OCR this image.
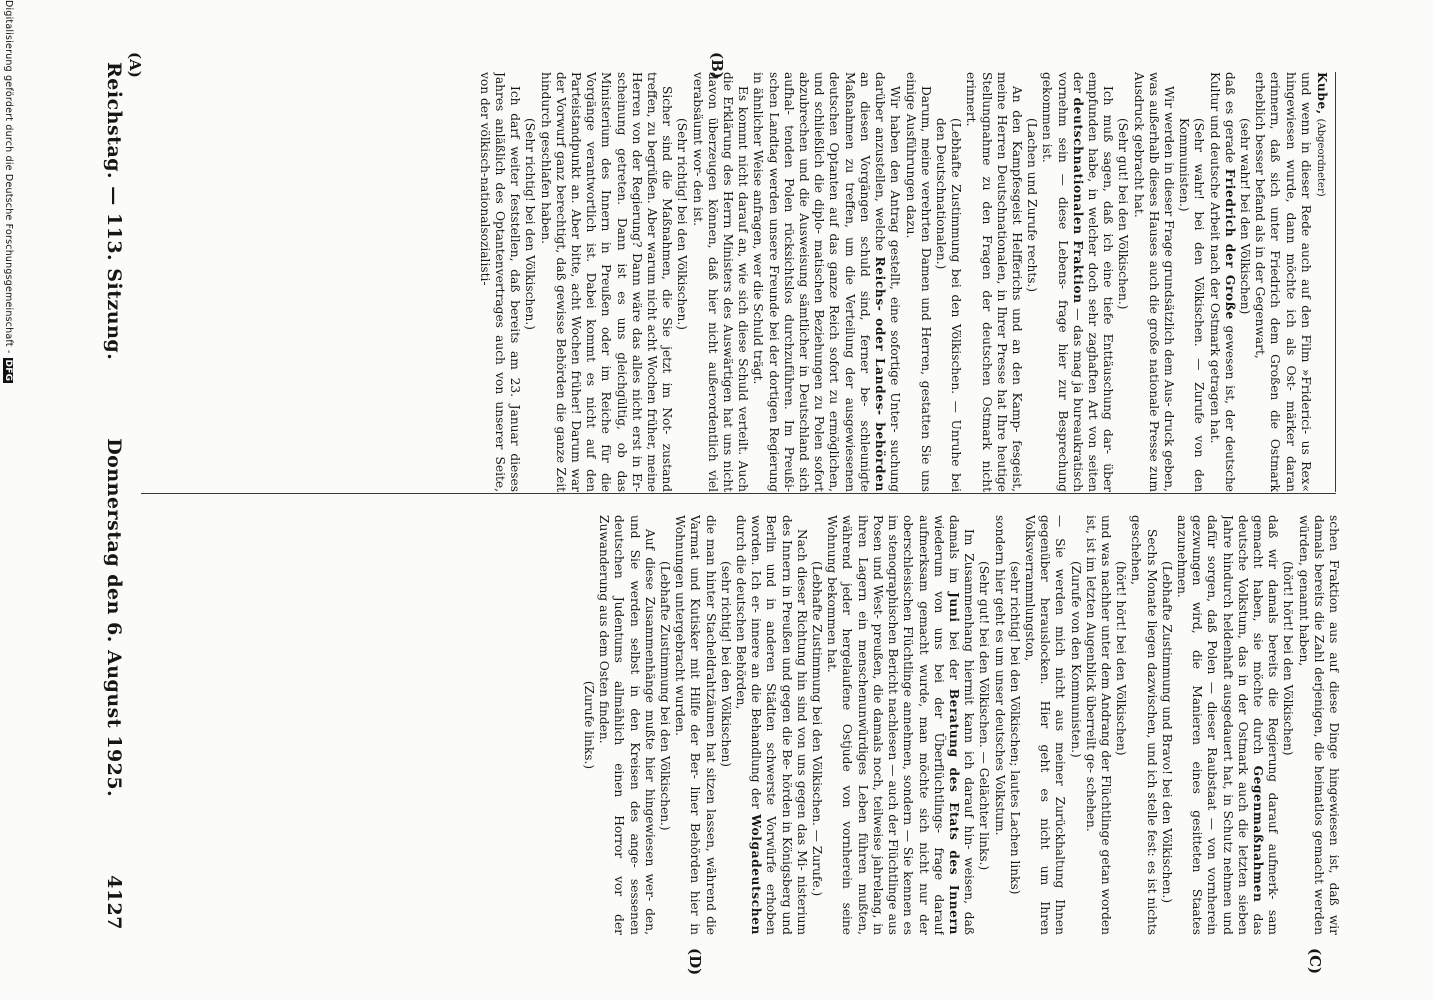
(A)	(B)
(C)
(D)

Kube, (Abgeordneter)

und wenn in dieser Rede auch auf den Film »Friderici- us Rex« hingewiesen wurde, dann möchte ich als Ost- märker daran erinnern, daß sich unter Friedrich dem Großen die Ostmark erheblich besser befand als in der Gegenwart,

(sehr wahr! bei den Völkischen)

daß es gerade Friedrich der Große gewesen ist, der deutsche Kultur und deutsche Arbeit nach der Ostmark getragen hat.

(Sehr wahr! bei den Völkischen. — Zurufe von den Kommunisten.)

Wir werden in dieser Frage grundsätzlich dem Aus- druck geben, was außerhalb dieses Hauses auch die große nationale Presse zum Ausdruck gebracht hat.

(Sehr gut! bei den Völkischen.)

Ich muß sagen, daß ich eine tiefe Enttäuschung dar- über empfunden habe, in welcher doch sehr zaghaften Art von seiten der deutschnationalen Fraktion — das mag ja bureaukratisch vornehm sein — diese Lebens- frage hier zur Besprechung gekommen ist.

(Lachen und Zurufe rechts.)

An den Kampfesgeist Helfferichs und an den Kamp- fesgeist, meine Herren Deutschnationalen, in Ihrer Presse hat Ihre heutige Stellungnahme zu den Fragen der deutschen Ostmark nicht erinnert.

(Lebhafte Zustimmung bei den Völkischen. — Unruhe bei den Deutschnationalen.)

Darum, meine verehrten Damen und Herren, gestatten Sie uns einige Ausführungen dazu.

Wir haben den Antrag gestellt, eine sofortige Unter- suchung darüber anzustellen, welche Reichs- oder Landes- behörden an diesen Vorgängen schuld sind, ferner be- schleunigte Maßnahmen zu treffen, um die Verteilung der ausgewiesenen deutschen Optanten auf das ganze Reich sofort zu ermöglichen, und schließlich die diplo- matischen Beziehungen zu Polen sofort abzubrechen und die Ausweisung sämtlicher in Deutschland sich aufhal- tenden Polen rücksichtslos durchzuführen. Im Preußi- schen Landtag werden unsere Freunde bei der dortigen Regierung in ähnlicher Weise anfragen, wer die Schuld trägt.

Es kommt nicht darauf an, wie sich diese Schuld verteilt. Auch die Erklärung des Herrn Ministers des Auswärtigen hat uns nicht davon überzeugen können, daß hier nicht außerordentlich viel verabsäumt wor- den ist.

(Sehr richtig! bei den Völkischen.)

Sicher sind die Maßnahmen, die Sie jetzt im Not- zustand treffen, zu begrüßen. Aber warum nicht acht Wochen früher, meine Herren von der Regierung? Dann wäre das alles nicht erst in Er- scheinung getreten. Dann ist es uns gleichgültig, ob das Ministerium des Innern in Preußen oder im Reiche für die Vorgänge verantwortlich ist. Dabei kommt es nicht auf den Parteistandpunkt an. Aber bitte, acht Wochen früher! Darum war der Vorwurf ganz berechtigt, daß gewisse Behörden die ganze Zeit hindurch geschlafen haben.

(Sehr richtig! bei den Völkischen.)

Ich darf weiter feststellen, daß bereits am 23. Januar dieses Jahres anläßlich des Optantenvertrages auch von unserer Seite, von der völkisch-nationalsozialisti-

schen Fraktion aus auf diese Dinge hingewiesen ist, daß wir damals bereits die Zahl derjenigen, die heimatlos gemacht werden würden, genannt haben,

(hört! hört! bei den Völkischen)

daß wir damals bereits die Regierung darauf aufmerk- sam gemacht haben, sie möchte durch Gegenmaßnahmen das deutsche Volkstum, das in der Ostmark auch die letzten sieben Jahre hindurch heldenhaft ausgedauert hat, in Schutz nehmen und dafür sorgen, daß Polen — dieser Raubstaat — von vornherein gezwungen wird, die Manieren eines gesitteten Staates anzunehmen.

(Lebhafte Zustimmung und Bravo! bei den Völkischen.)

Sechs Monate liegen dazwischen, und ich stelle fest: es ist nichts geschehen,

(hört! hört! bei den Völkischen)

und was nachher unter dem Andrang der Flüchtlinge getan worden ist, ist im letzten Augenblick überreilt ge- schehen.

(Zurufe von den Kommunisten.)

— Sie werden mich nicht aus meiner Zurückhaltung Ihnen gegenüber herauslocken. Hier geht es nicht um Ihren Volksverrammlungston,

(sehr richtig! bei den Völkischen; lautes Lachen links)

sondern hier geht es um unser deutsches Volkstum.

(Sehr gut! bei den Völkischen. — Gelächter links.)

Im Zusammenhang hiermit kann ich darauf hin- weisen, daß damals im Juni bei der Beratung des Etats des Innern wiederum von uns bei der Überflüchtlings- frage darauf aufmerksam gemacht wurde, man möchte sich nicht nur der oberschlesischen Flüchtlinge annehmen, sondern — Sie kennen es im stenographischen Bericht nachlesen — auch der Flüchtlinge aus Posen und West- preußen, die damals noch, teilweise jahrelang, in ihren Lagern ein menschenunwürdiges Leben führen mußten, während jeder hergelaufene Ostjude von vornherein seine Wohnung bekommen hat.

(Lebhafte Zustimmung bei den Völkischen. — Zurufe.)

Nach dieser Richtung hin sind von uns gegen das Mi- nisterium des Innern in Preußen und gegen die Be- hörden in Königsberg und Berlin und in anderen Städten schwerste Vorwürfe erhoben worden. Ich er- innere an die Behandlung der Wolgadeutschen durch die deutschen Behörden,

(sehr richtig! bei den Völkischen)

die man hinter Stacheldrahtzäunen hat sitzen lassen, während die Varmat und Kutisker mit Hilfe der Ber- liner Behörden hier in Wohnungen untergebracht wurden.

(Lebhafte Zustimmung bei den Völkischen.)

Auf diese Zusammenhänge mußte hier hingewiesen wer- den, und Sie werden selbst in den Kreisen des ange- sessenen deutschen Judentums allmählich einen Horror vor der Zuwanderung aus dem Osten finden.

(Zurufe links.)

Reichstag. — 113. Sitzung.
Donnerstag den 6. August 1925.
4127
Digitalisierung gefördert durch die Deutsche Forschungsgemeinschaft -DFG
